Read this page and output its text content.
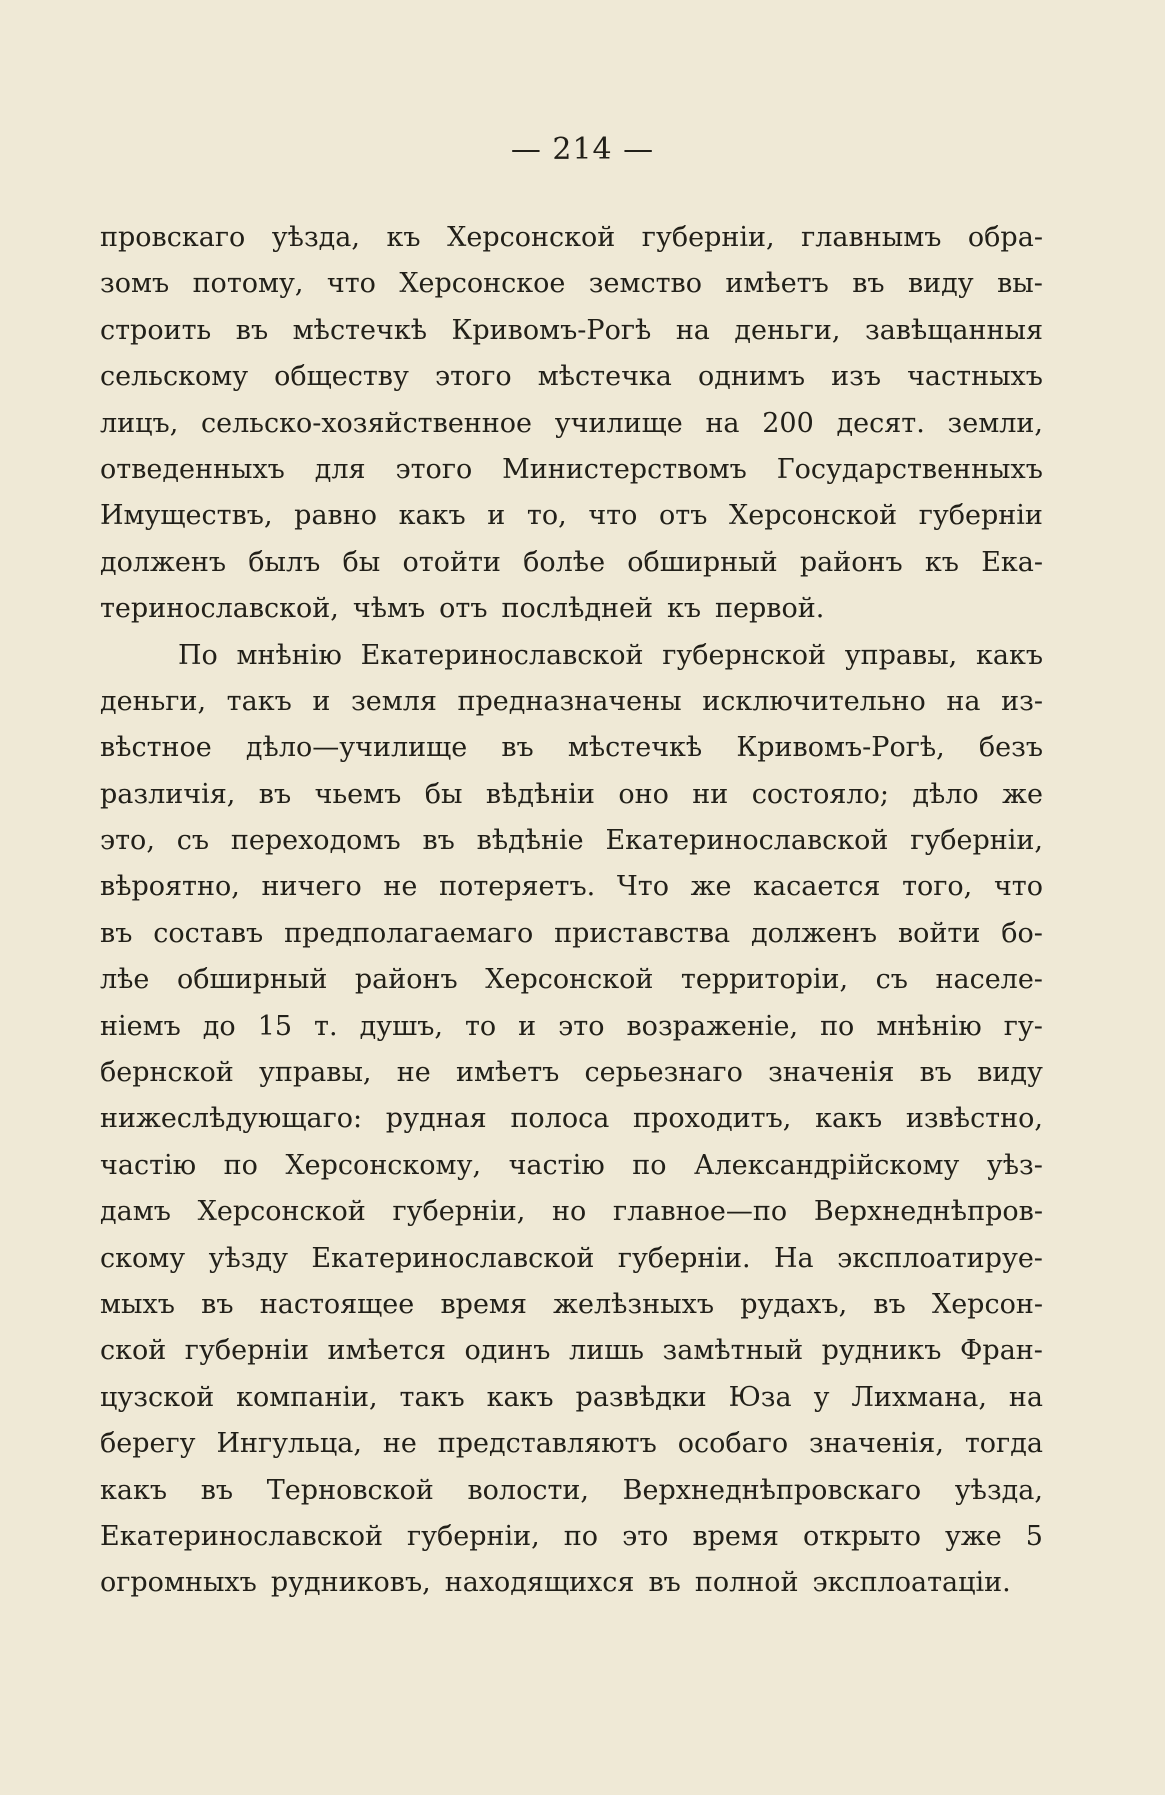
— 214 —
провскаго уѣзда, къ Херсонской губерніи, главнымъ обра-
зомъ потому, что Херсонское земство имѣетъ въ виду вы-
строить въ мѣстечкѣ Кривомъ-Рогѣ на деньги, завѣщанныя
сельскому обществу этого мѣстечка однимъ изъ частныхъ
лицъ, сельско-хозяйственное училище на 200 десят. земли,
отведенныхъ для этого Министерствомъ Государственныхъ
Имуществъ, равно какъ и то, что отъ Херсонской губерніи
долженъ былъ бы отойти болѣе обширный районъ къ Ека-
теринославской, чѣмъ отъ послѣдней къ первой.
По мнѣнію Екатеринославской губернской управы, какъ
деньги, такъ и земля предназначены исключительно на из-
вѣстное дѣло—училище въ мѣстечкѣ Кривомъ-Рогѣ, безъ
различія, въ чьемъ бы вѣдѣніи оно ни состояло; дѣло же
это, съ переходомъ въ вѣдѣніе Екатеринославской губерніи,
вѣроятно, ничего не потеряетъ. Что же касается того, что
въ составъ предполагаемаго приставства долженъ войти бо-
лѣе обширный районъ Херсонской территоріи, съ населе-
ніемъ до 15 т. душъ, то и это возраженіе, по мнѣнію гу-
бернской управы, не имѣетъ серьезнаго значенія въ виду
нижеслѣдующаго: рудная полоса проходитъ, какъ извѣстно,
частію по Херсонскому, частію по Александрійскому уѣз-
дамъ Херсонской губерніи, но главное—по Верхнеднѣпров-
скому уѣзду Екатеринославской губерніи. На эксплоатируе-
мыхъ въ настоящее время желѣзныхъ рудахъ, въ Херсон-
ской губерніи имѣется одинъ лишь замѣтный рудникъ Фран-
цузской компаніи, такъ какъ развѣдки Юза у Лихмана, на
берегу Ингульца, не представляютъ особаго значенія, тогда
какъ въ Терновской волости, Верхнеднѣпровскаго уѣзда,
Екатеринославской губерніи, по это время открыто уже 5
огромныхъ рудниковъ, находящихся въ полной эксплоатаціи.
